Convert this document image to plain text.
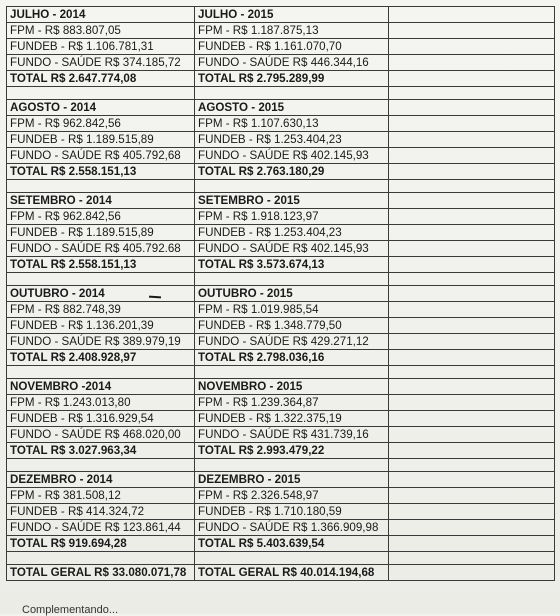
JULHO - 2014	JULHO - 2015	
FPM - R$ 883.807,05	FPM - R$ 1.187.875,13	
FUNDEB - R$ 1.106.781,31	FUNDEB - R$ 1.161.070,70	
FUNDO - SAÚDE R$ 374.185,72	FUNDO - SAÚDE R$ 446.344,16	
TOTAL R$ 2.647.774,08	TOTAL R$ 2.795.289,99	

AGOSTO - 2014	AGOSTO - 2015	
FPM - R$ 962.842,56	FPM - R$ 1.107.630,13	
FUNDEB - R$ 1.189.515,89	FUNDEB - R$ 1.253.404,23	
FUNDO - SAÚDE R$ 405.792,68	FUNDO - SAÚDE R$ 402.145,93	
TOTAL R$ 2.558.151,13	TOTAL R$ 2.763.180,29	

SETEMBRO - 2014	SETEMBRO - 2015	
FPM - R$ 962.842,56	FPM - R$ 1.918.123,97	
FUNDEB - R$ 1.189.515,89	FUNDEB - R$ 1.253.404,23	
FUNDO - SAÚDE R$ 405.792.68	FUNDO - SAÚDE R$ 402.145,93	
TOTAL R$ 2.558.151,13	TOTAL R$ 3.573.674,13	

OUTUBRO - 2014	OUTUBRO - 2015	
FPM - R$ 882.748,39	FPM - R$ 1.019.985,54	
FUNDEB - R$ 1.136.201,39	FUNDEB - R$ 1.348.779,50	
FUNDO - SAÚDE R$ 389.979,19	FUNDO - SAÚDE R$ 429.271,12	
TOTAL R$ 2.408.928,97	TOTAL R$ 2.798.036,16	

NOVEMBRO -2014	NOVEMBRO - 2015	
FPM - R$ 1.243.013,80	FPM - R$ 1.239.364,87	
FUNDEB - R$ 1.316.929,54	FUNDEB - R$ 1.322.375,19	
FUNDO - SAÚDE R$ 468.020,00	FUNDO - SAÚDE R$ 431.739,16	
TOTAL R$ 3.027.963,34	TOTAL R$ 2.993.479,22	

DEZEMBRO - 2014	DEZEMBRO - 2015	
FPM - R$ 381.508,12	FPM - R$ 2.326.548,97	
FUNDEB - R$ 414.324,72	FUNDEB - R$ 1.710.180,59	
FUNDO - SAÚDE R$ 123.861,44	FUNDO - SAÚDE R$ 1.366.909,98	
TOTAL R$ 919.694,28	TOTAL R$ 5.403.639,54	

TOTAL GERAL R$ 33.080.071,78	TOTAL GERAL R$ 40.014.194,68	
Complementando...
